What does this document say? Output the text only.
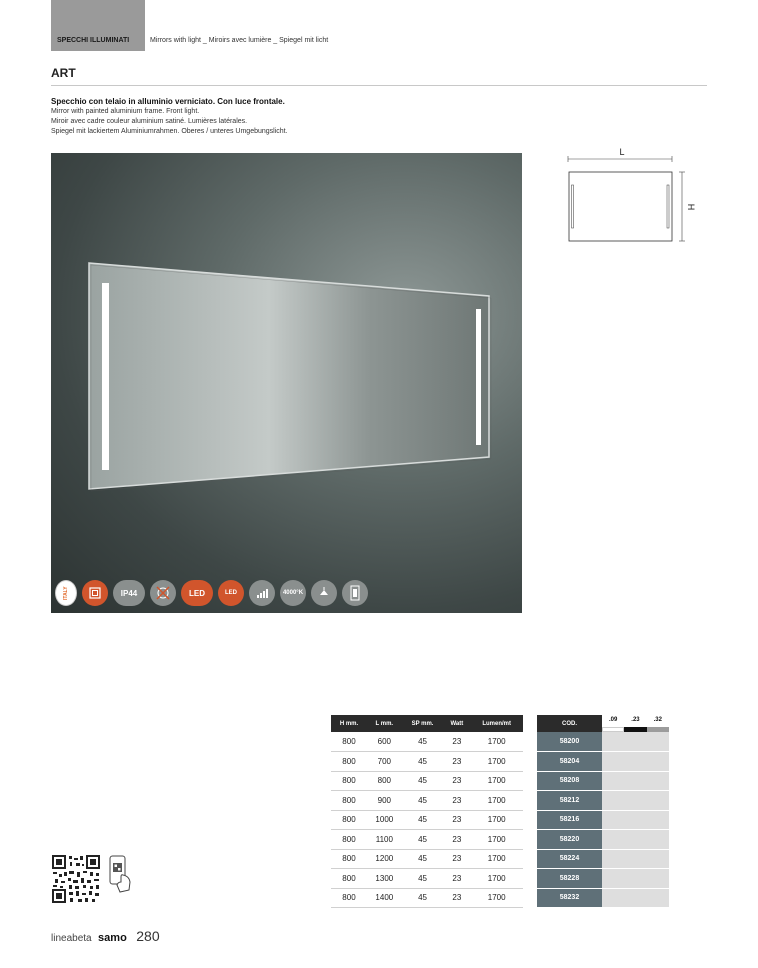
SPECCHI ILLUMINATI	Mirrors with light _ Miroirs avec lumière _ Spiegel mit licht
ART
Specchio con telaio in alluminio verniciato. Con luce frontale.
Mirror with painted aluminium frame. Front light.
Miroir avec cadre couleur aluminium satiné. Lumières latérales.
Spiegel mit lackiertem Aluminiumrahmen. Oberes / unteres Umgebungslicht.
ITALY	IP44	LED	LED	4000°K
L
H
H mm.	L mm.	SP mm.	Watt	Lumen/mt
800	600	45	23	1700
800	700	45	23	1700
800	800	45	23	1700
800	900	45	23	1700
800	1000	45	23	1700
800	1100	45	23	1700
800	1200	45	23	1700
800	1300	45	23	1700
800	1400	45	23	1700
COD.	.09	.23	.32

58200			
58204			
58208			
58212			
58216			
58220			
58224			
58228			
58232			
lineabeta samo 280
